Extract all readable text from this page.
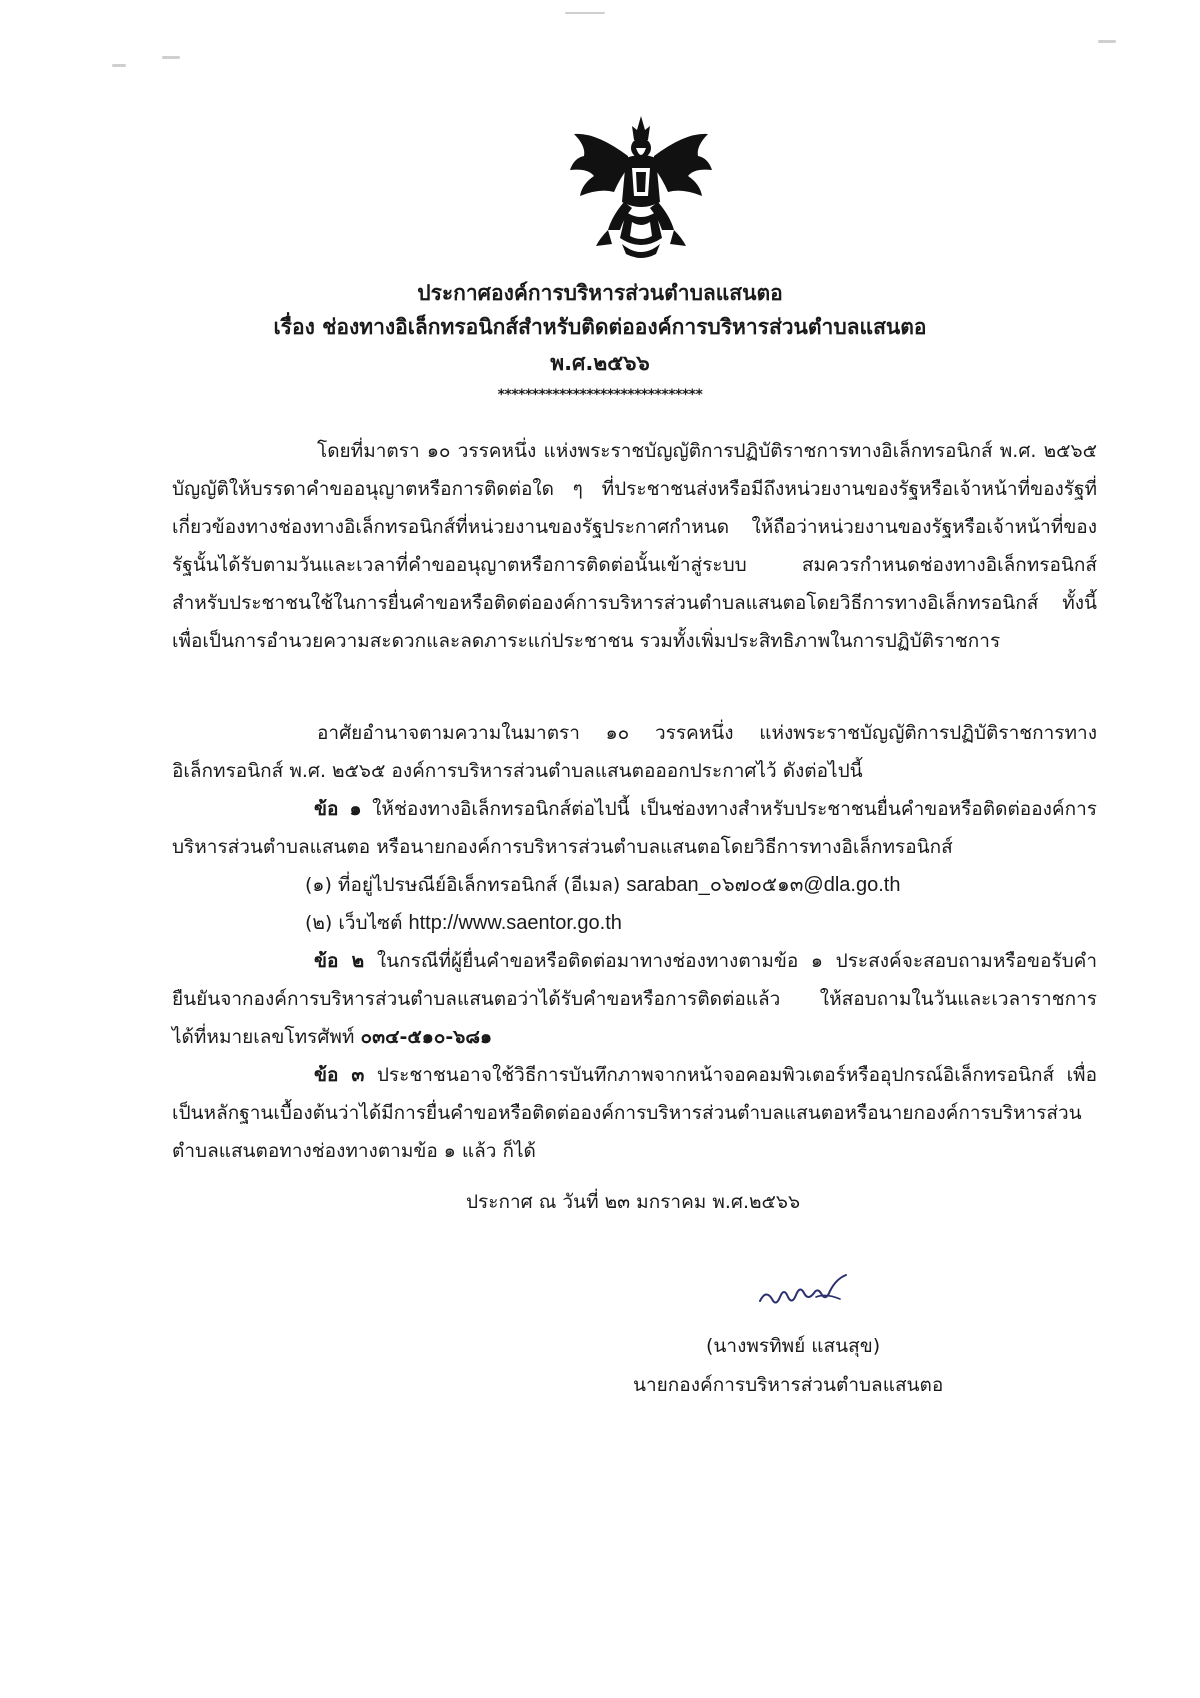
ประกาศองค์การบริหารส่วนตำบลแสนตอ
เรื่อง ช่องทางอิเล็กทรอนิกส์สำหรับติดต่อองค์การบริหารส่วนตำบลแสนตอ
พ.ศ.๒๕๖๖
******************************
โดยที่มาตรา ๑๐ วรรคหนึ่ง แห่งพระราชบัญญัติการปฏิบัติราชการทางอิเล็กทรอนิกส์ พ.ศ. ๒๕๖๕ บัญญัติให้บรรดาคำขออนุญาตหรือการติดต่อใด ๆ ที่ประชาชนส่งหรือมีถึงหน่วยงานของรัฐหรือเจ้าหน้าที่ของรัฐที่เกี่ยวข้องทางช่องทางอิเล็กทรอนิกส์ที่หน่วยงานของรัฐประกาศกำหนด ให้ถือว่าหน่วยงานของรัฐหรือเจ้าหน้าที่ของรัฐนั้นได้รับตามวันและเวลาที่คำขออนุญาตหรือการติดต่อนั้นเข้าสู่ระบบ สมควรกำหนดช่องทางอิเล็กทรอนิกส์สำหรับประชาชนใช้ในการยื่นคำขอหรือติดต่อองค์การบริหารส่วนตำบลแสนตอโดยวิธีการทางอิเล็กทรอนิกส์ ทั้งนี้ เพื่อเป็นการอำนวยความสะดวกและลดภาระแก่ประชาชน รวมทั้งเพิ่มประสิทธิภาพในการปฏิบัติราชการ
อาศัยอำนาจตามความในมาตรา ๑๐ วรรคหนึ่ง แห่งพระราชบัญญัติการปฏิบัติราชการทางอิเล็กทรอนิกส์ พ.ศ. ๒๕๖๕ องค์การบริหารส่วนตำบลแสนตอออกประกาศไว้ ดังต่อไปนี้
ข้อ ๑ ให้ช่องทางอิเล็กทรอนิกส์ต่อไปนี้ เป็นช่องทางสำหรับประชาชนยื่นคำขอหรือติดต่อองค์การบริหารส่วนตำบลแสนตอ หรือนายกองค์การบริหารส่วนตำบลแสนตอโดยวิธีการทางอิเล็กทรอนิกส์
(๑) ที่อยู่ไปรษณีย์อิเล็กทรอนิกส์ (อีเมล) saraban_๐๖๗๐๕๑๓@dla.go.th
(๒) เว็บไซต์ http://www.saentor.go.th
ข้อ ๒ ในกรณีที่ผู้ยื่นคำขอหรือติดต่อมาทางช่องทางตามข้อ ๑ ประสงค์จะสอบถามหรือขอรับคำยืนยันจากองค์การบริหารส่วนตำบลแสนตอว่าได้รับคำขอหรือการติดต่อแล้ว ให้สอบถามในวันและเวลาราชการได้ที่หมายเลขโทรศัพท์ ๐๓๔-๕๑๐-๖๘๑
ข้อ ๓ ประชาชนอาจใช้วิธีการบันทึกภาพจากหน้าจอคอมพิวเตอร์หรืออุปกรณ์อิเล็กทรอนิกส์ เพื่อเป็นหลักฐานเบื้องต้นว่าได้มีการยื่นคำขอหรือติดต่อองค์การบริหารส่วนตำบลแสนตอหรือนายกองค์การบริหารส่วนตำบลแสนตอทางช่องทางตามข้อ ๑ แล้ว ก็ได้
ประกาศ ณ วันที่ ๒๓ มกราคม พ.ศ.๒๕๖๖
(นางพรทิพย์ แสนสุข)
นายกองค์การบริหารส่วนตำบลแสนตอ
